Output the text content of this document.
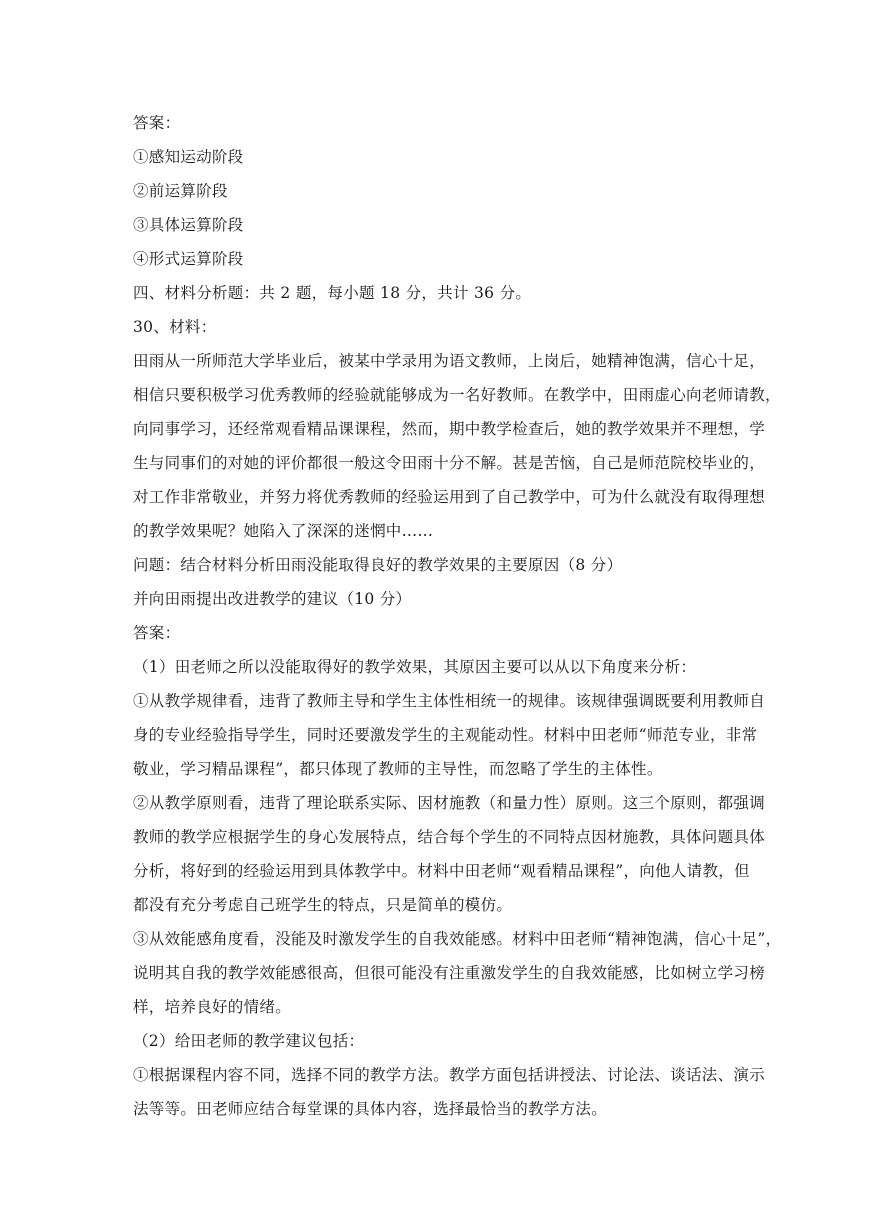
答案：
①感知运动阶段
②前运算阶段
③具体运算阶段
④形式运算阶段
四、材料分析题：共 2 题，每小题 18 分，共计 36 分。
30、材料：
田雨从一所师范大学毕业后，被某中学录用为语文教师，上岗后，她精神饱满，信心十足，
相信只要积极学习优秀教师的经验就能够成为一名好教师。在教学中，田雨虚心向老师请教，
向同事学习，还经常观看精品课课程，然而，期中教学检查后，她的教学效果并不理想，学
生与同事们的对她的评价都很一般这令田雨十分不解。甚是苦恼，自己是师范院校毕业的，
对工作非常敬业，并努力将优秀教师的经验运用到了自己教学中，可为什么就没有取得理想
的教学效果呢？她陷入了深深的迷惘中……
问题：结合材料分析田雨没能取得良好的教学效果的主要原因（8 分）
并向田雨提出改进教学的建议（10 分）
答案：
（1）田老师之所以没能取得好的教学效果，其原因主要可以从以下角度来分析：
①从教学规律看，违背了教师主导和学生主体性相统一的规律。该规律强调既要利用教师自
身的专业经验指导学生，同时还要激发学生的主观能动性。材料中田老师“师范专业，非常
敬业，学习精品课程”，都只体现了教师的主导性，而忽略了学生的主体性。
②从教学原则看，违背了理论联系实际、因材施教（和量力性）原则。这三个原则，都强调
教师的教学应根据学生的身心发展特点，结合每个学生的不同特点因材施教，具体问题具体
分析，将好到的经验运用到具体教学中。材料中田老师“观看精品课程”，向他人请教，但
都没有充分考虑自己班学生的特点，只是简单的模仿。
③从效能感角度看，没能及时激发学生的自我效能感。材料中田老师“精神饱满，信心十足”，
说明其自我的教学效能感很高，但很可能没有注重激发学生的自我效能感，比如树立学习榜
样，培养良好的情绪。
（2）给田老师的教学建议包括：
①根据课程内容不同，选择不同的教学方法。教学方面包括讲授法、讨论法、谈话法、演示
法等等。田老师应结合每堂课的具体内容，选择最恰当的教学方法。
